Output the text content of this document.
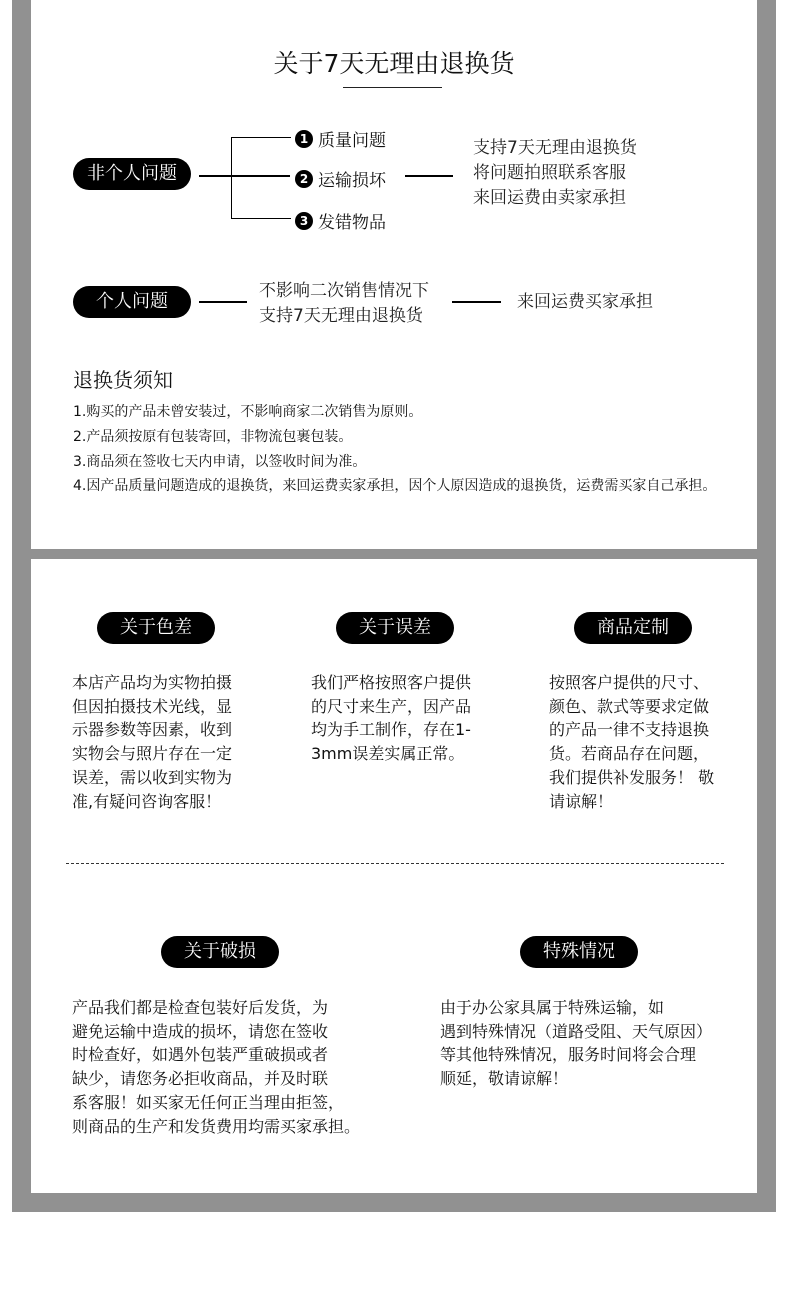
关于7天无理由退换货
非个人问题
1 质量问题
2 运输损坏
3 发错物品
支持7天无理由退换货
将问题拍照联系客服
来回运费由卖家承担
个人问题	不影响二次销售情况下
支持7天无理由退换货
来回运费买家承担
退换货须知
1.购买的产品未曾安装过，不影响商家二次销售为原则。
2.产品须按原有包装寄回，非物流包裹包装。
3.商品须在签收七天内申请，以签收时间为准。
4.因产品质量问题造成的退换货，来回运费卖家承担，因个人原因造成的退换货，运费需买家自己承担。
关于色差	关于误差	商品定制
本店产品均为实物拍摄
但因拍摄技术光线，显
示器参数等因素，收到
实物会与照片存在一定
误差，需以收到实物为
准,有疑问咨询客服！
我们严格按照客户提供
的尺寸来生产，因产品
均为手工制作，存在1-
3mm误差实属正常。
按照客户提供的尺寸、
颜色、款式等要求定做
的产品一律不支持退换
货。若商品存在问题，
我们提供补发服务！ 敬
请谅解！
关于破损	特殊情况
产品我们都是检查包装好后发货，为
避免运输中造成的损坏，请您在签收
时检查好，如遇外包装严重破损或者
缺少，请您务必拒收商品，并及时联
系客服！如买家无任何正当理由拒签，
则商品的生产和发货费用均需买家承担。
由于办公家具属于特殊运输，如
遇到特殊情况（道路受阻、天气原因）
等其他特殊情况，服务时间将会合理
顺延，敬请谅解！
